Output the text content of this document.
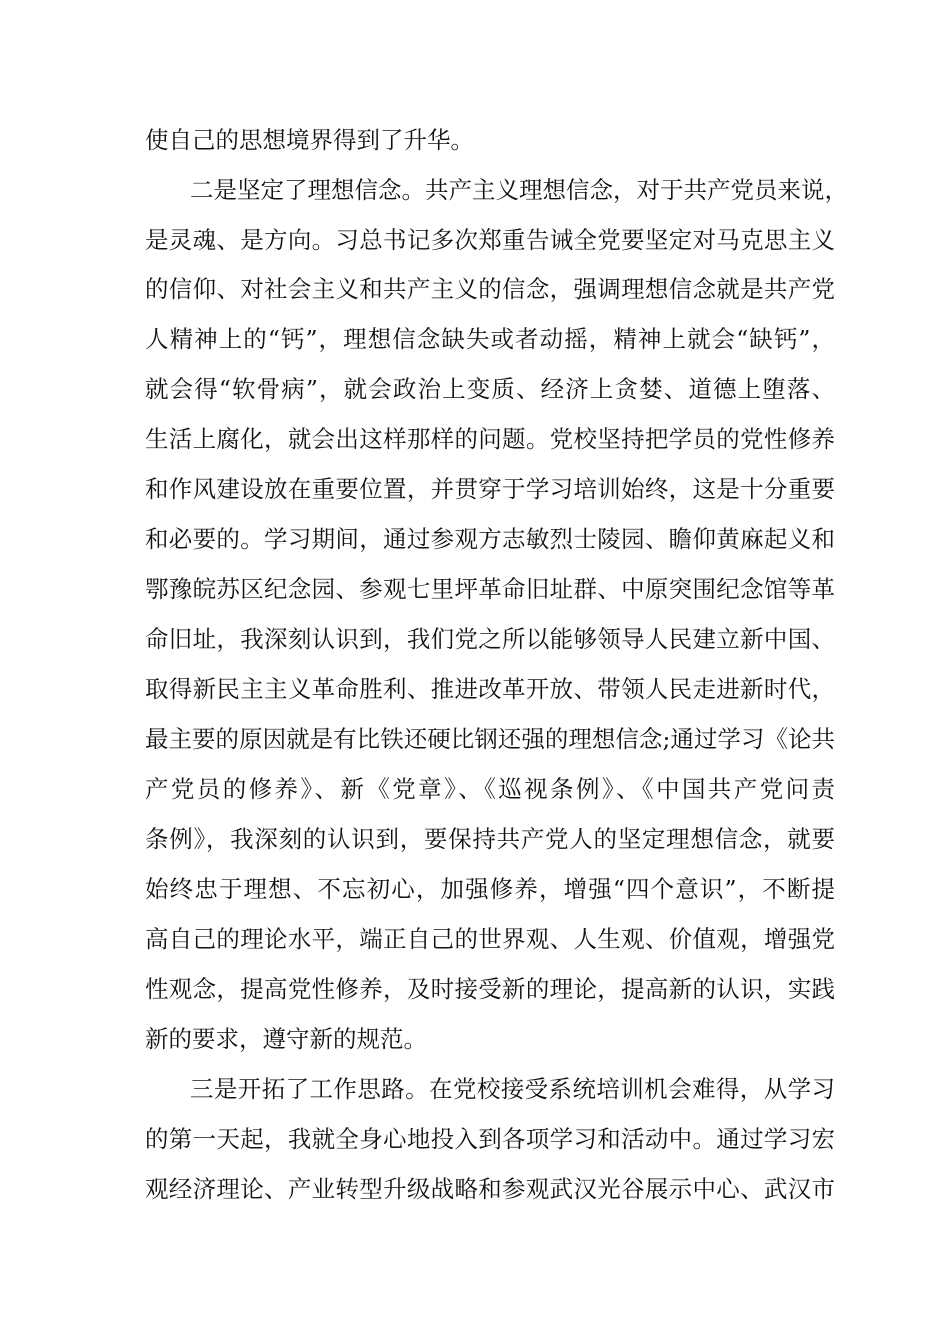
使自己的思想境界得到了升华。
二是坚定了理想信念。共产主义理想信念，对于共产党员来说，
是灵魂、是方向。习总书记多次郑重告诫全党要坚定对马克思主义
的信仰、对社会主义和共产主义的信念，强调理想信念就是共产党
人精神上的“钙”，理想信念缺失或者动摇，精神上就会“缺钙”，
就会得“软骨病”，就会政治上变质、经济上贪婪、道德上堕落、
生活上腐化，就会出这样那样的问题。党校坚持把学员的党性修养
和作风建设放在重要位置，并贯穿于学习培训始终，这是十分重要
和必要的。学习期间，通过参观方志敏烈士陵园、瞻仰黄麻起义和
鄂豫皖苏区纪念园、参观七里坪革命旧址群、中原突围纪念馆等革
命旧址，我深刻认识到，我们党之所以能够领导人民建立新中国、
取得新民主主义革命胜利、推进改革开放、带领人民走进新时代，
最主要的原因就是有比铁还硬比钢还强的理想信念;通过学习《论共
产党员的修养》、新《党章》、《巡视条例》、《中国共产党问责
条例》，我深刻的认识到，要保持共产党人的坚定理想信念，就要
始终忠于理想、不忘初心，加强修养，增强“四个意识”，不断提
高自己的理论水平，端正自己的世界观、人生观、价值观，增强党
性观念，提高党性修养，及时接受新的理论，提高新的认识，实践
新的要求，遵守新的规范。
三是开拓了工作思路。在党校接受系统培训机会难得，从学习
的第一天起，我就全身心地投入到各项学习和活动中。通过学习宏
观经济理论、产业转型升级战略和参观武汉光谷展示中心、武汉市
